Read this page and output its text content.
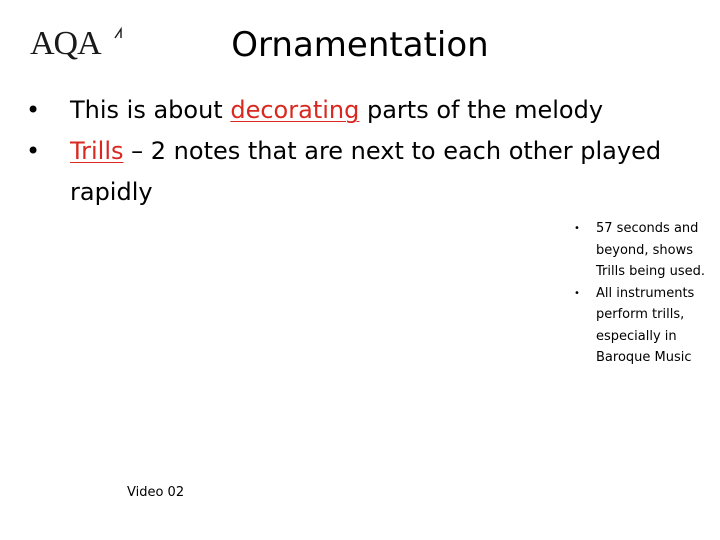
AQA	Ornamentation
•	This is about decorating parts of the melody
•	Trills – 2 notes that are next to each other played rapidly
• 57 seconds and beyond, shows Trills being used.
• All instruments perform trills, especially in Baroque Music
Video 02
